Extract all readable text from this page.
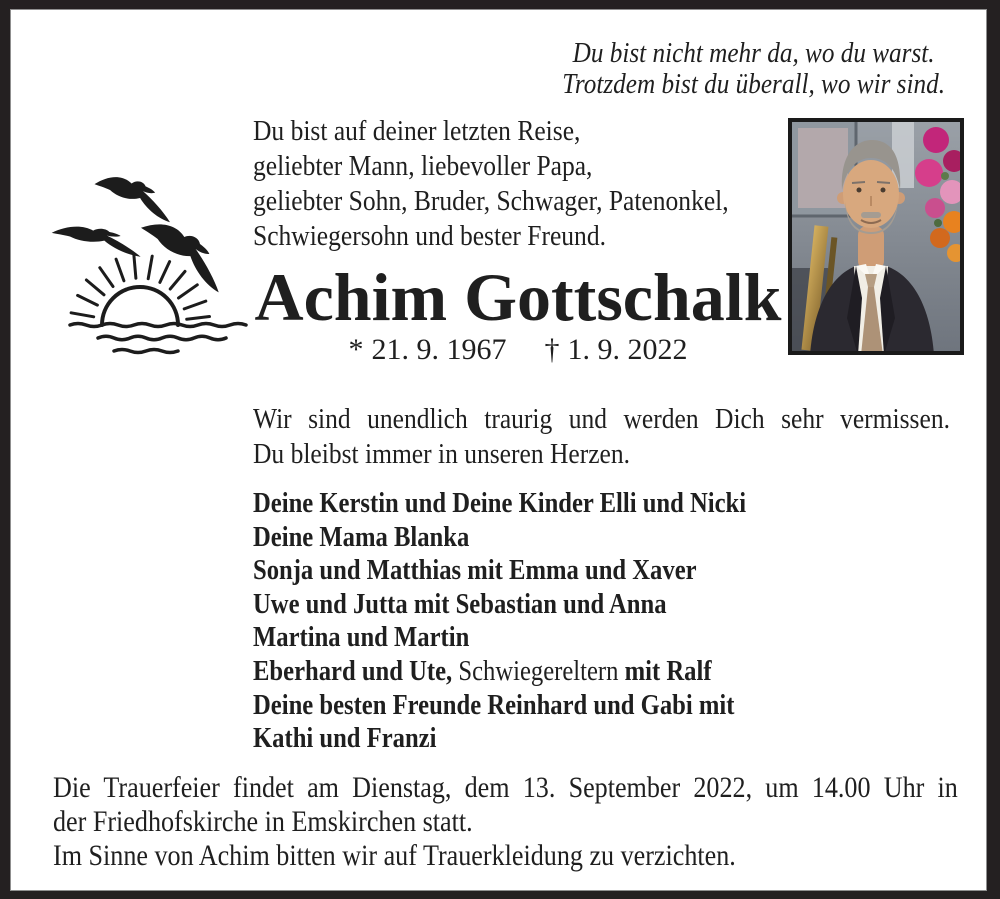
Du bist nicht mehr da, wo du warst.
Trotzdem bist du überall, wo wir sind.
Du bist auf deiner letzten Reise,
geliebter Mann, liebevoller Papa,
geliebter Sohn, Bruder, Schwager, Patenonkel,
Schwiegersohn und bester Freund.
Achim Gottschalk
* 21. 9. 1967 † 1. 9. 2022
Wir sind unendlich traurig und werden Dich sehr vermissen.
Du bleibst immer in unseren Herzen.
Deine Kerstin und Deine Kinder Elli und Nicki
Deine Mama Blanka
Sonja und Matthias mit Emma und Xaver
Uwe und Jutta mit Sebastian und Anna
Martina und Martin
Eberhard und Ute, Schwiegereltern mit Ralf
Deine besten Freunde Reinhard und Gabi mit
Kathi und Franzi
Die Trauerfeier findet am Dienstag, dem 13. September 2022, um 14.00 Uhr in
der Friedhofskirche in Emskirchen statt.
Im Sinne von Achim bitten wir auf Trauerkleidung zu verzichten.
